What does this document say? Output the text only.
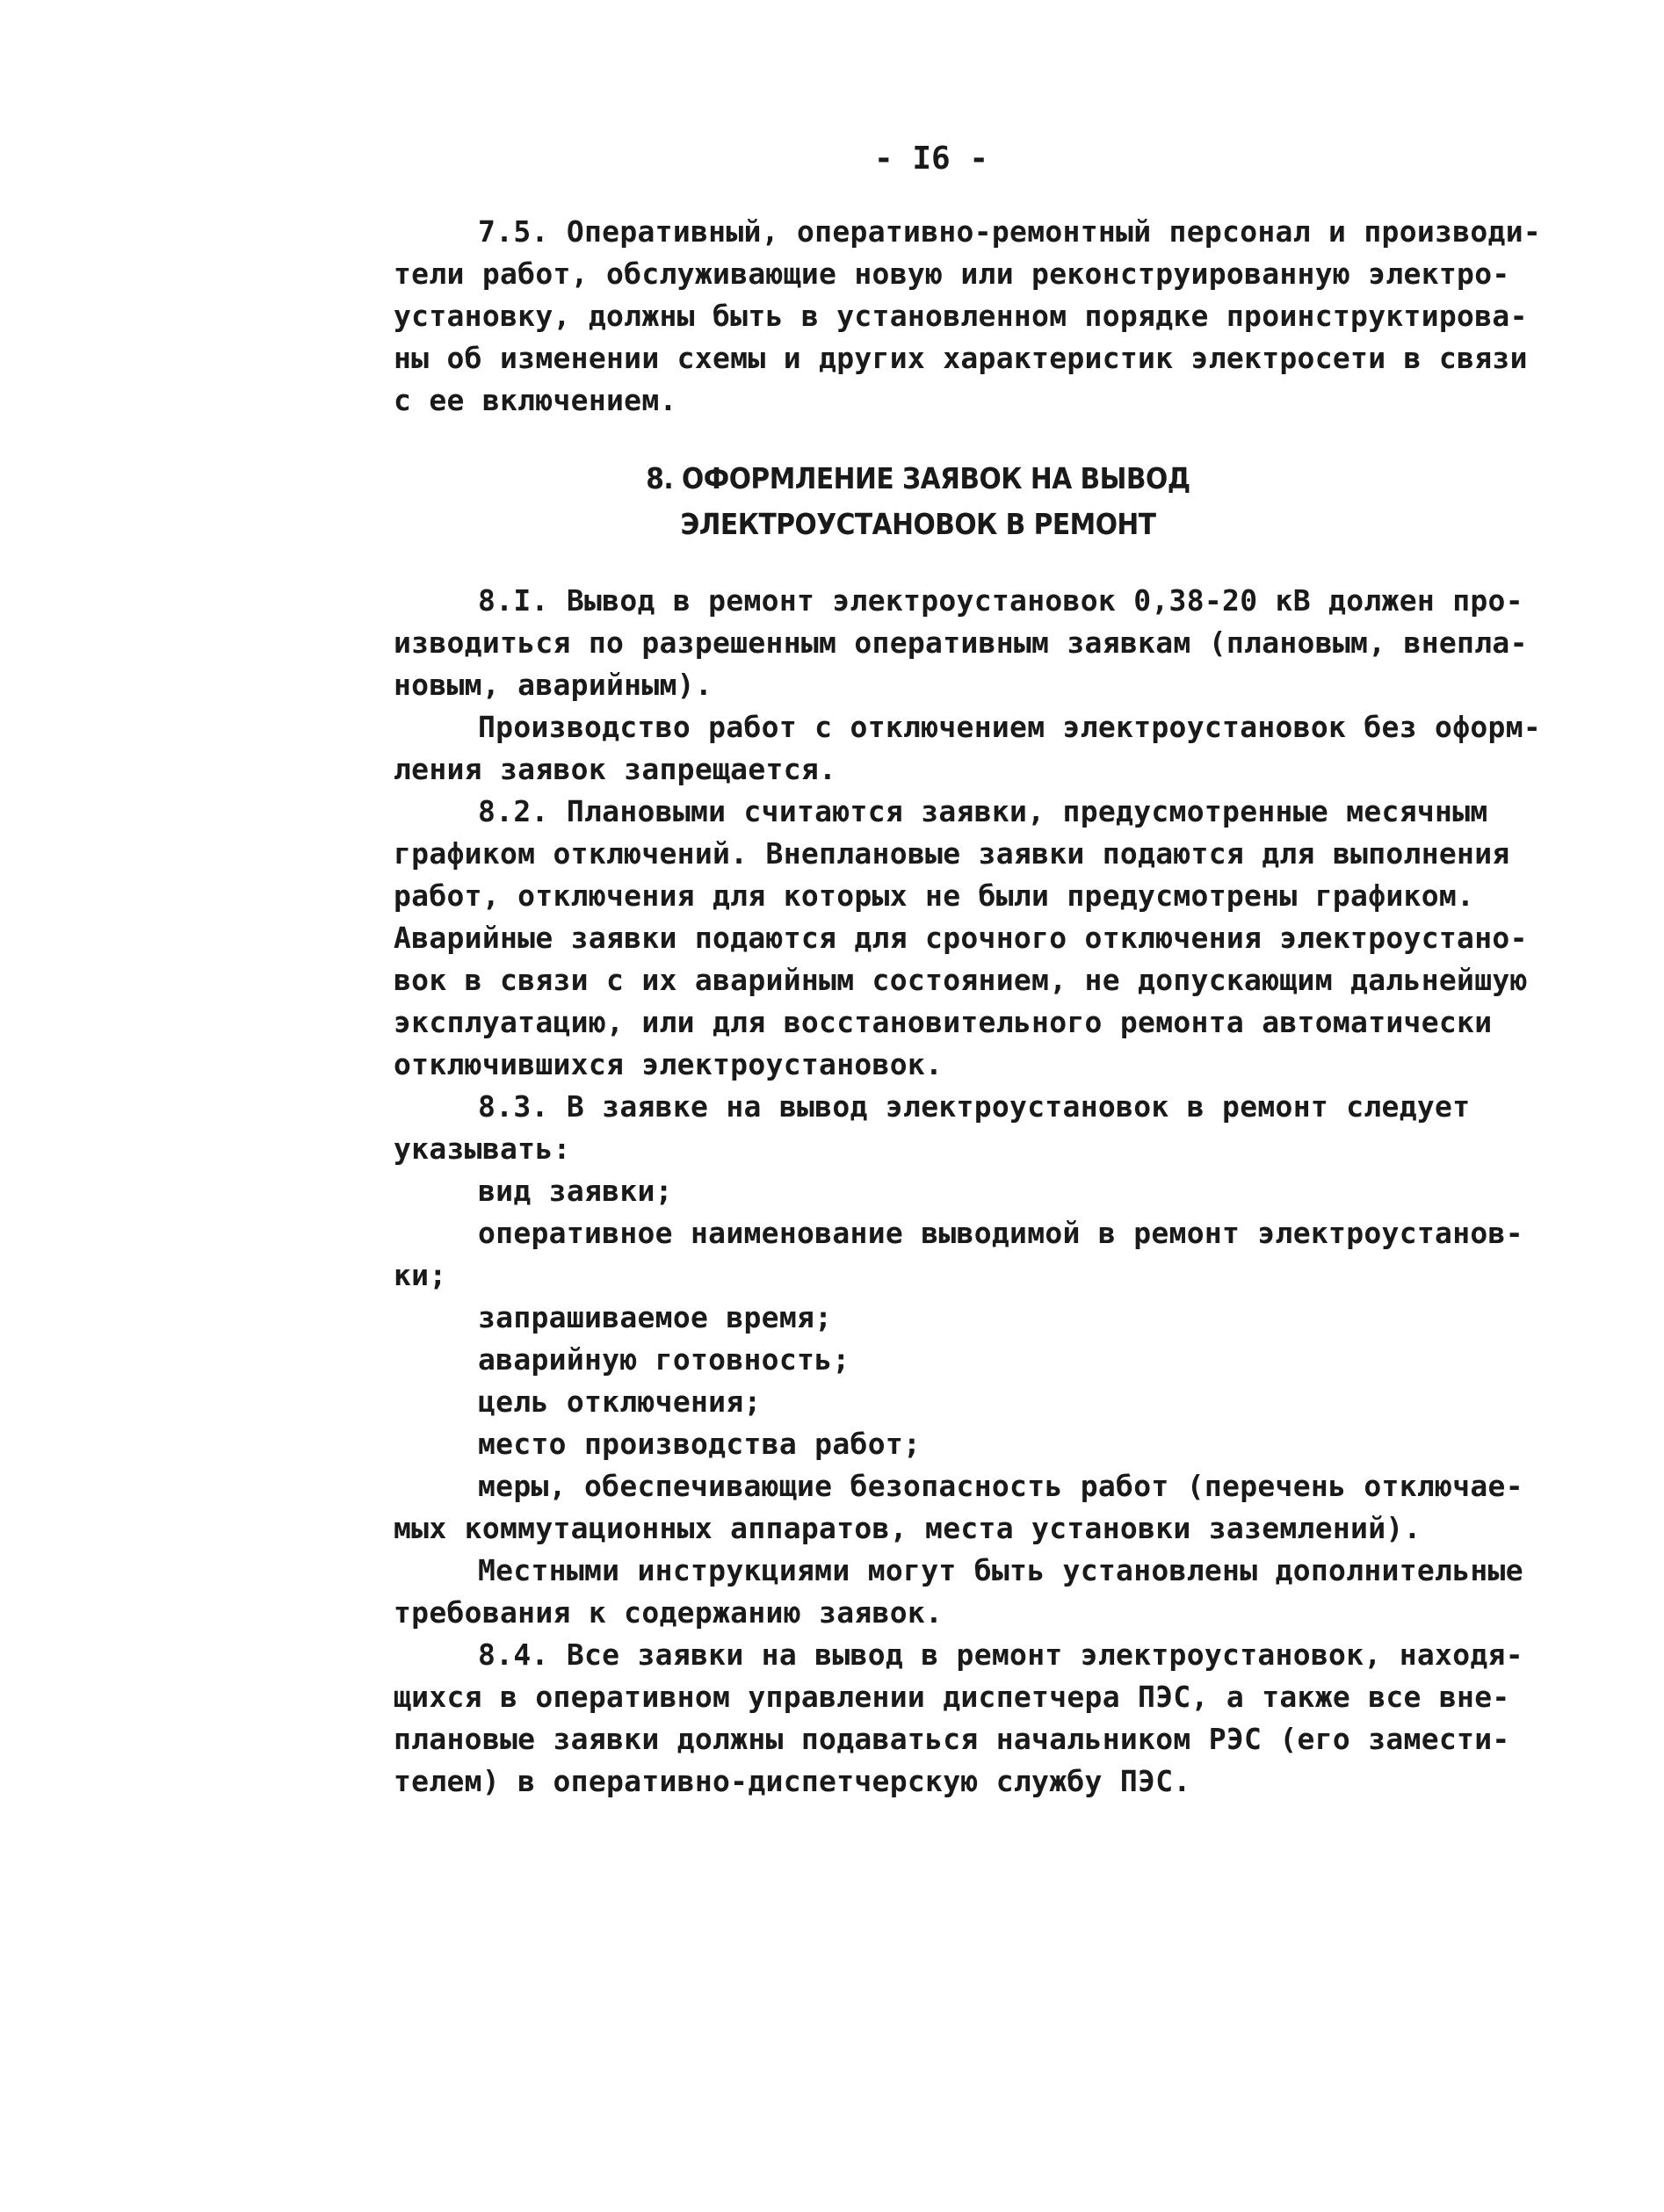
- I6 -
7.5. Оперативный, оперативно-ремонтный персонал и производи-
тели работ, обслуживающие новую или реконструированную электро-
установку, должны быть в установленном порядке проинструктирова-
ны об изменении схемы и других характеристик электросети в связи
с ее включением.
8. ОФОРМЛЕНИЕ ЗАЯВОК НА ВЫВОД
ЭЛЕКТРОУСТАНОВОК В РЕМОНТ
8.I. Вывод в ремонт электроустановок 0,38-20 кВ должен про-
изводиться по разрешенным оперативным заявкам (плановым, внепла-
новым, аварийным).
Производство работ с отключением электроустановок без оформ-
ления заявок запрещается.
8.2. Плановыми считаются заявки, предусмотренные месячным
графиком отключений. Внеплановые заявки подаются для выполнения
работ, отключения для которых не были предусмотрены графиком.
Аварийные заявки подаются для срочного отключения электроустано-
вок в связи с их аварийным состоянием, не допускающим дальнейшую
эксплуатацию, или для восстановительного ремонта автоматически
отключившихся электроустановок.
8.3. В заявке на вывод электроустановок в ремонт следует
указывать:
вид заявки;
оперативное наименование выводимой в ремонт электроустанов-
ки;
запрашиваемое время;
аварийную готовность;
цель отключения;
место производства работ;
меры, обеспечивающие безопасность работ (перечень отключае-
мых коммутационных аппаратов, места установки заземлений).
Местными инструкциями могут быть установлены дополнительные
требования к содержанию заявок.
8.4. Все заявки на вывод в ремонт электроустановок, находя-
щихся в оперативном управлении диспетчера ПЭС, а также все вне-
плановые заявки должны подаваться начальником РЭС (его замести-
телем) в оперативно-диспетчерскую службу ПЭС.
